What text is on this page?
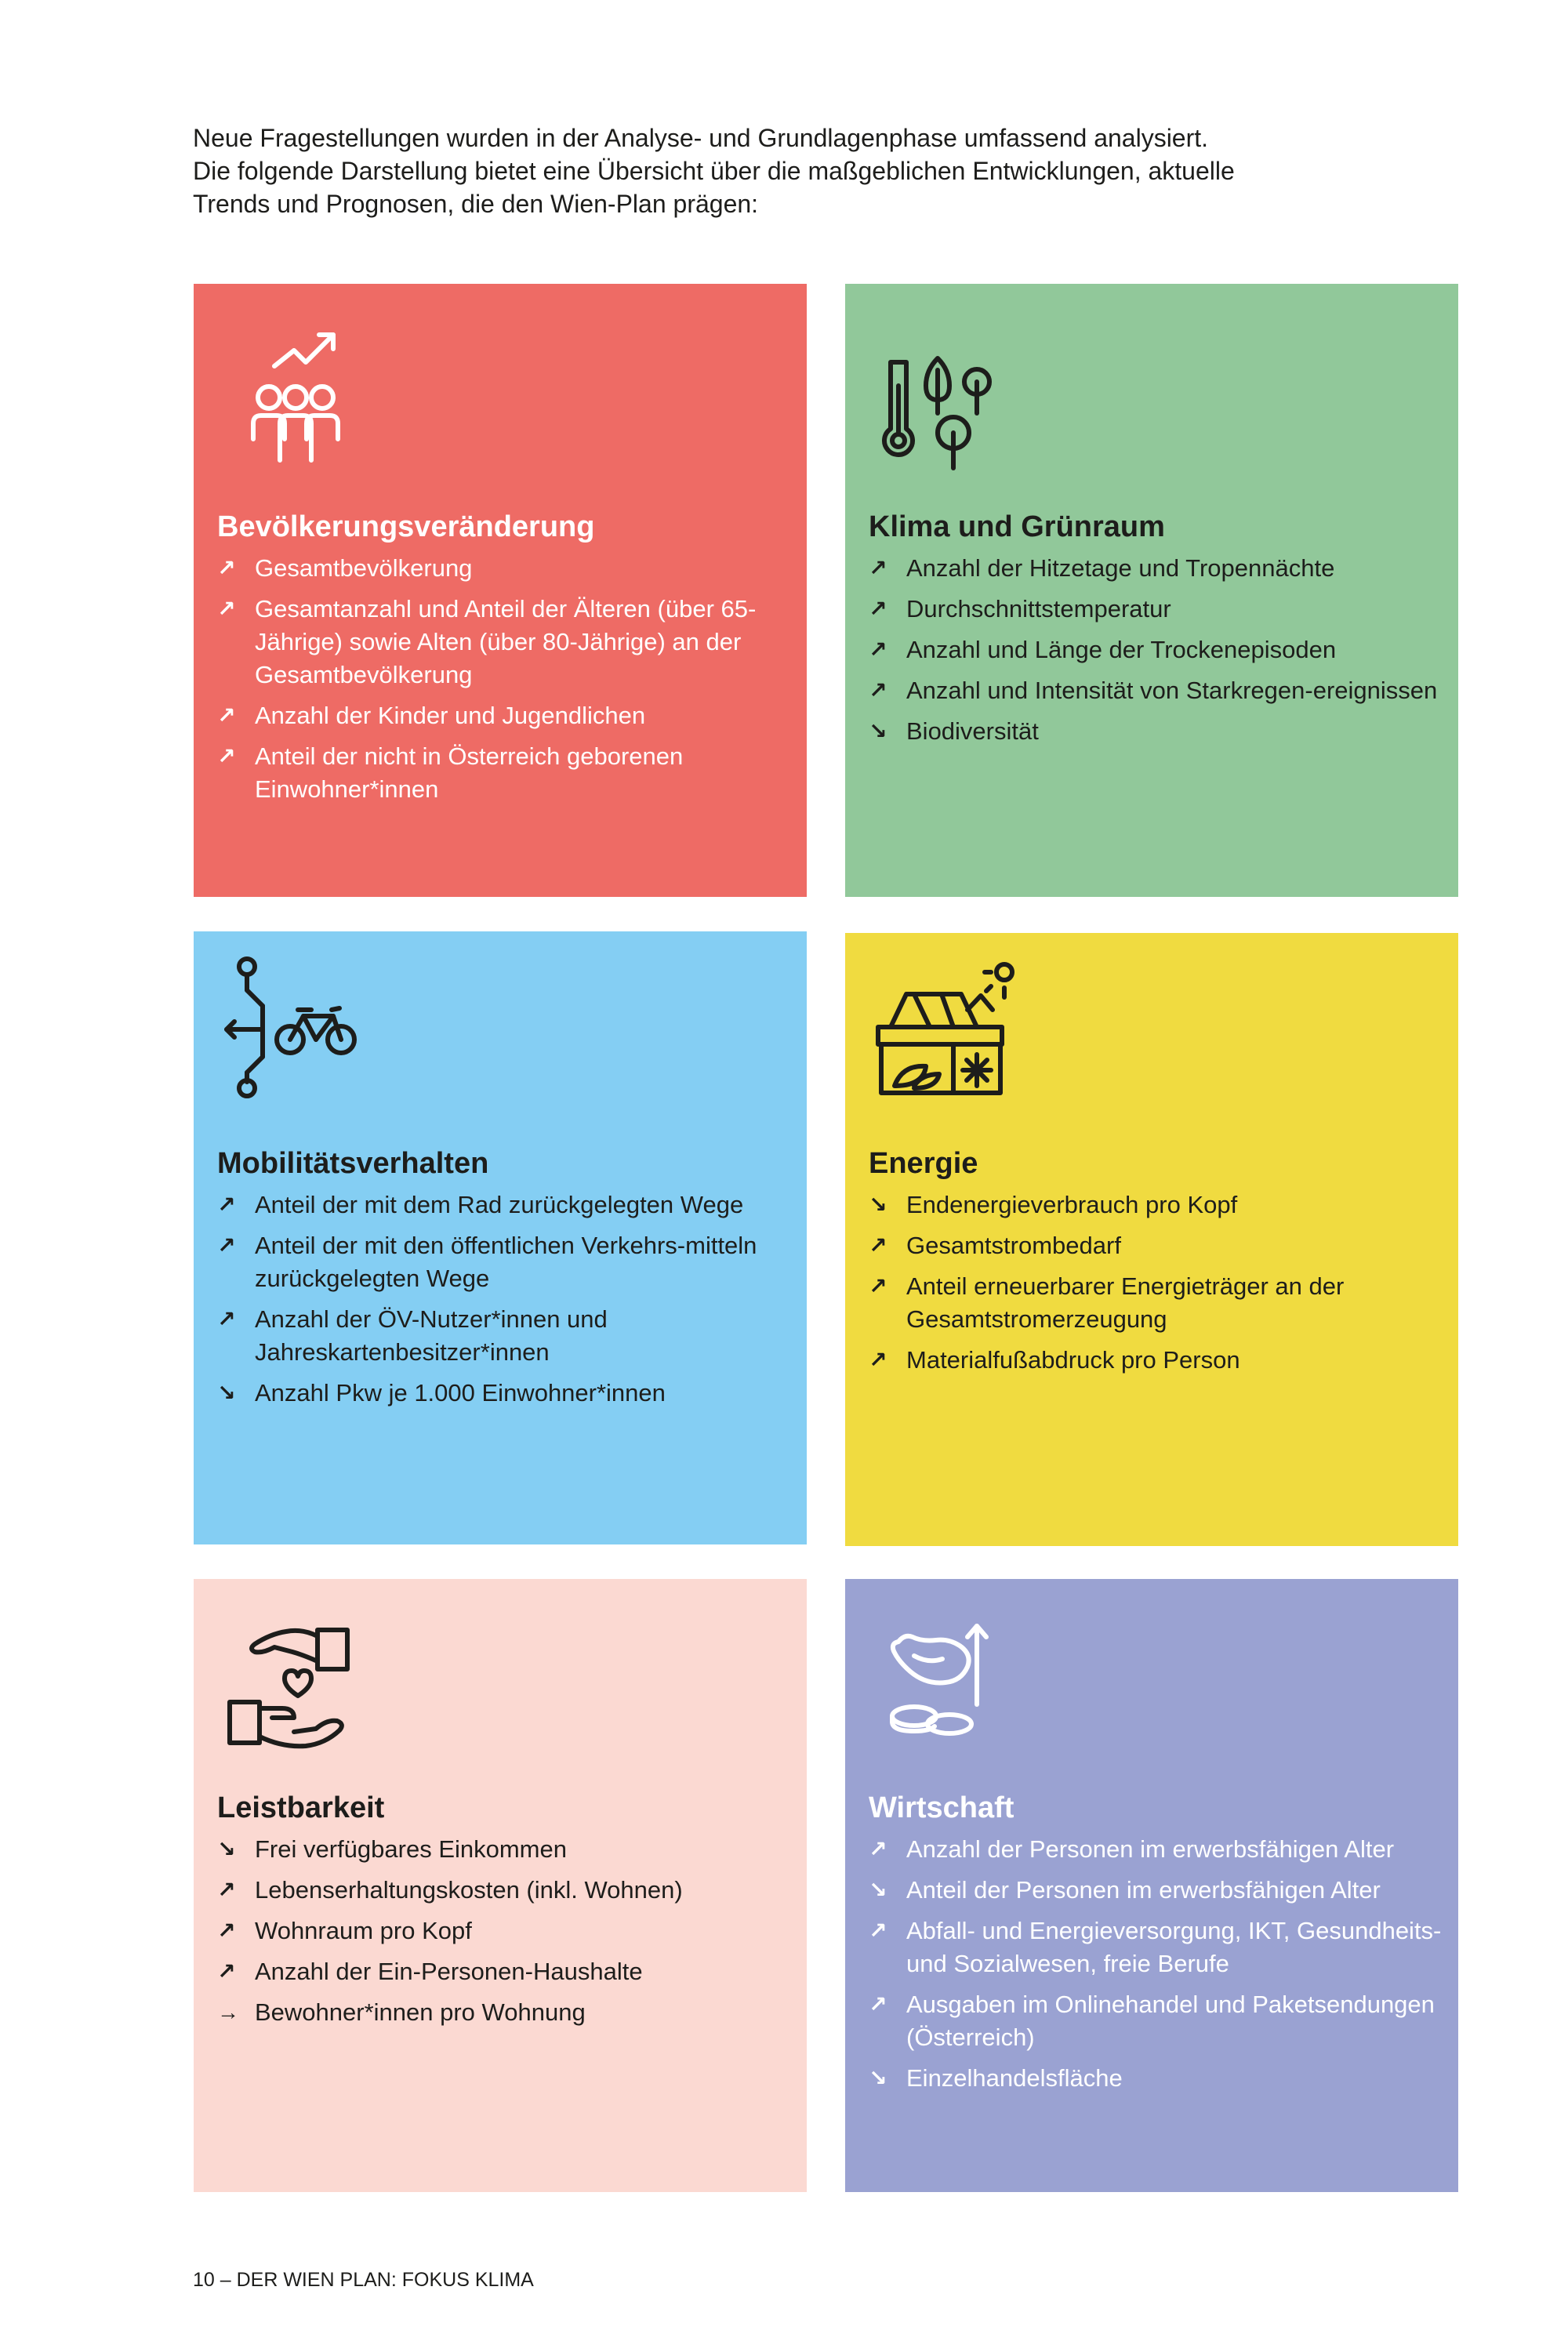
Neue Fragestellungen wurden in der Analyse- und Grundlagenphase umfassend analysiert.

Die folgende Darstellung bietet eine Übersicht über die maßgeblichen Entwicklungen, aktuelle

Trends und Prognosen, die den Wien-Plan prägen:

Bevölkerungsveränderung
↗ Gesamtbevölkerung
↗ Gesamtanzahl und Anteil der Älteren (über 65-Jährige) sowie Alten (über 80-Jährige) an der Gesamtbevölkerung
↗ Anzahl der Kinder und Jugendlichen
↗ Anteil der nicht in Österreich geborenen Einwohner*innen
Klima und Grünraum
↗ Anzahl der Hitzetage und Tropennächte
↗ Durchschnittstemperatur
↗ Anzahl und Länge der Trockenepisoden
↗ Anzahl und Intensität von Starkregen-ereignissen
↘ Biodiversität
Mobilitätsverhalten
↗ Anteil der mit dem Rad zurückgelegten Wege
↗ Anteil der mit den öffentlichen Verkehrs-mitteln zurückgelegten Wege
↗ Anzahl der ÖV-Nutzer*innen und Jahreskartenbesitzer*innen
↘ Anzahl Pkw je 1.000 Einwohner*innen
Energie
↘ Endenergieverbrauch pro Kopf
↗ Gesamtstrombedarf
↗ Anteil erneuerbarer Energieträger an der Gesamtstromerzeugung
↗ Materialfußabdruck pro Person
Leistbarkeit
↘ Frei verfügbares Einkommen
↗ Lebenserhaltungskosten (inkl. Wohnen)
↗ Wohnraum pro Kopf
↗ Anzahl der Ein-Personen-Haushalte
→ Bewohner*innen pro Wohnung
Wirtschaft
↗ Anzahl der Personen im erwerbsfähigen Alter
↘ Anteil der Personen im erwerbsfähigen Alter
↗ Abfall- und Energieversorgung, IKT, Gesundheits- und Sozialwesen, freie Berufe
↗ Ausgaben im Onlinehandel und Paketsendungen (Österreich)
↘ Einzelhandelsfläche
10 – DER WIEN PLAN: FOKUS KLIMA
